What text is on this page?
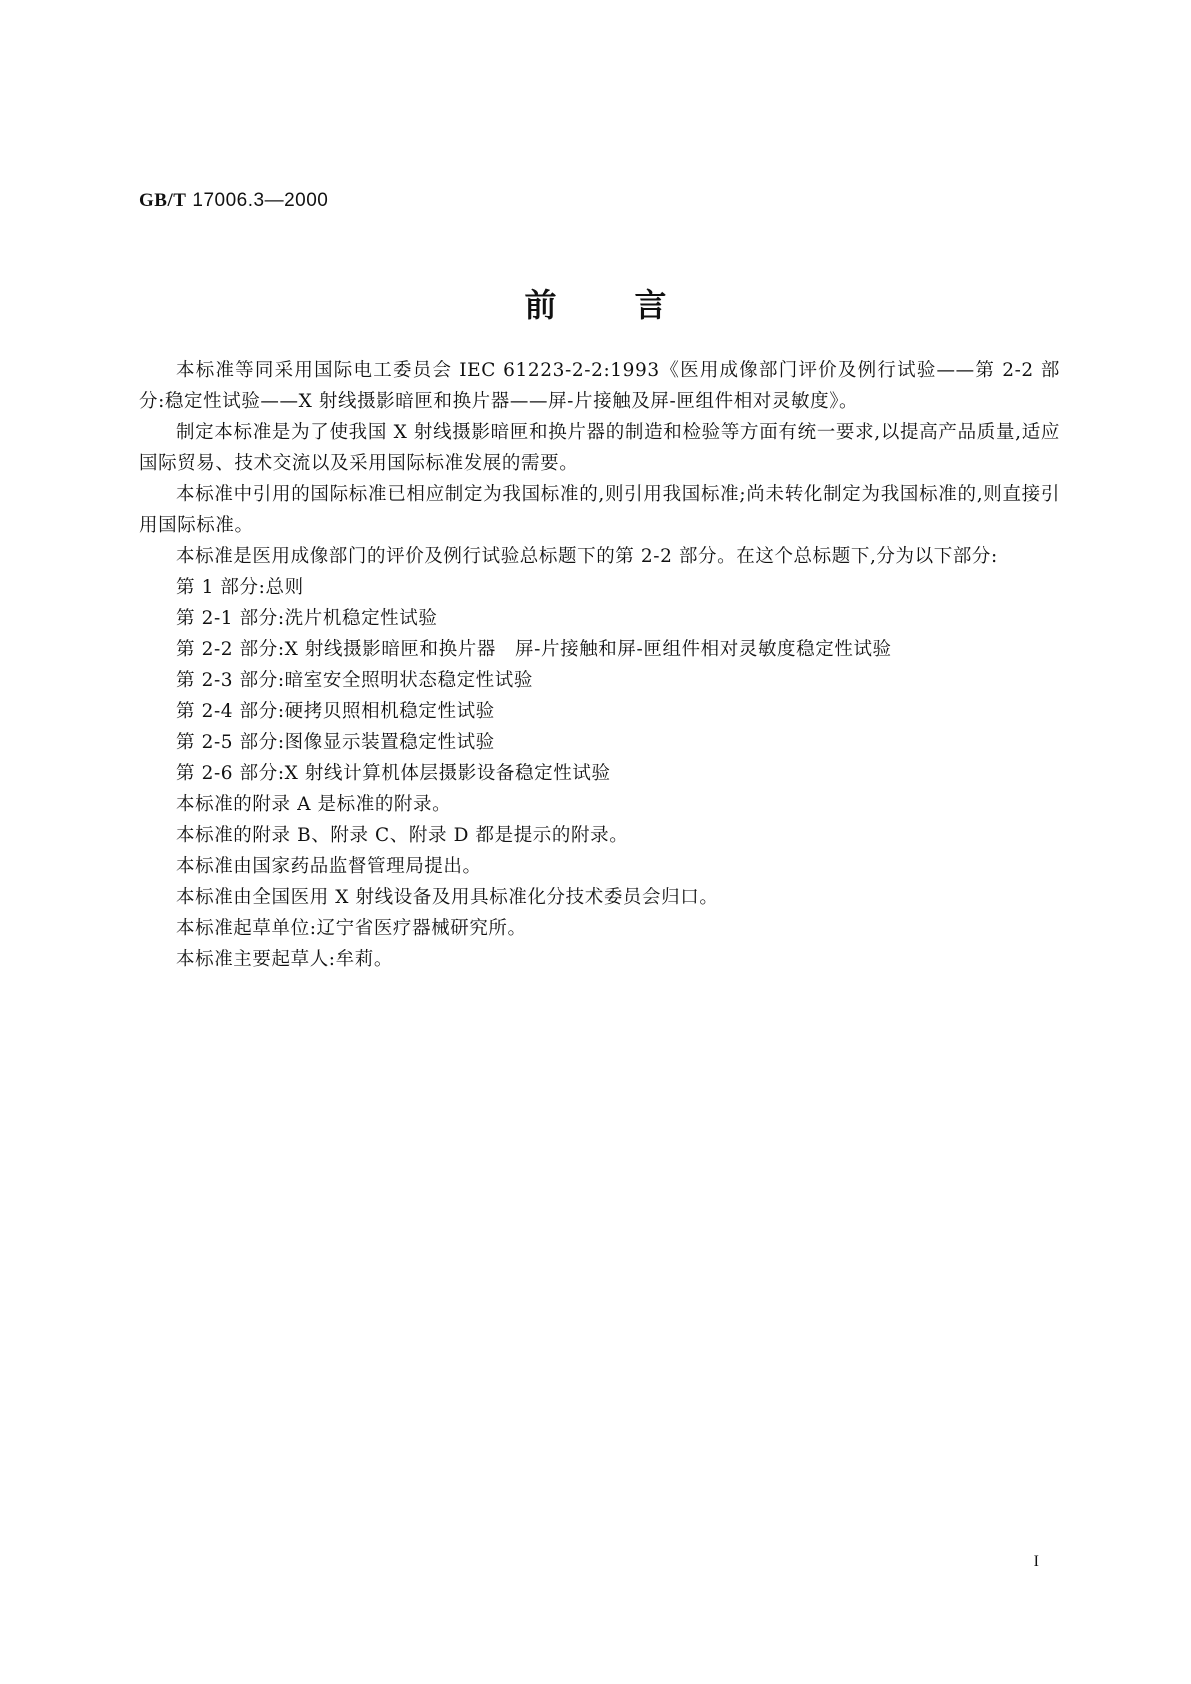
GB/T 17006.3—2000
前言

本标准等同采用国际电工委员会 IEC 61223-2-2:1993《医用成像部门评价及例行试验——第 2-2 部分:稳定性试验——X 射线摄影暗匣和换片器——屏-片接触及屏-匣组件相对灵敏度》。

制定本标准是为了使我国 X 射线摄影暗匣和换片器的制造和检验等方面有统一要求,以提高产品质量,适应国际贸易、技术交流以及采用国际标准发展的需要。

本标准中引用的国际标准已相应制定为我国标准的,则引用我国标准;尚未转化制定为我国标准的,则直接引用国际标准。

本标准是医用成像部门的评价及例行试验总标题下的第 2-2 部分。在这个总标题下,分为以下部分:

第 1 部分:总则

第 2-1 部分:洗片机稳定性试验

第 2-2 部分:X 射线摄影暗匣和换片器　屏-片接触和屏-匣组件相对灵敏度稳定性试验

第 2-3 部分:暗室安全照明状态稳定性试验

第 2-4 部分:硬拷贝照相机稳定性试验

第 2-5 部分:图像显示装置稳定性试验

第 2-6 部分:X 射线计算机体层摄影设备稳定性试验

本标准的附录 A 是标准的附录。

本标准的附录 B、附录 C、附录 D 都是提示的附录。

本标准由国家药品监督管理局提出。

本标准由全国医用 X 射线设备及用具标准化分技术委员会归口。

本标准起草单位:辽宁省医疗器械研究所。

本标准主要起草人:牟莉。

I
